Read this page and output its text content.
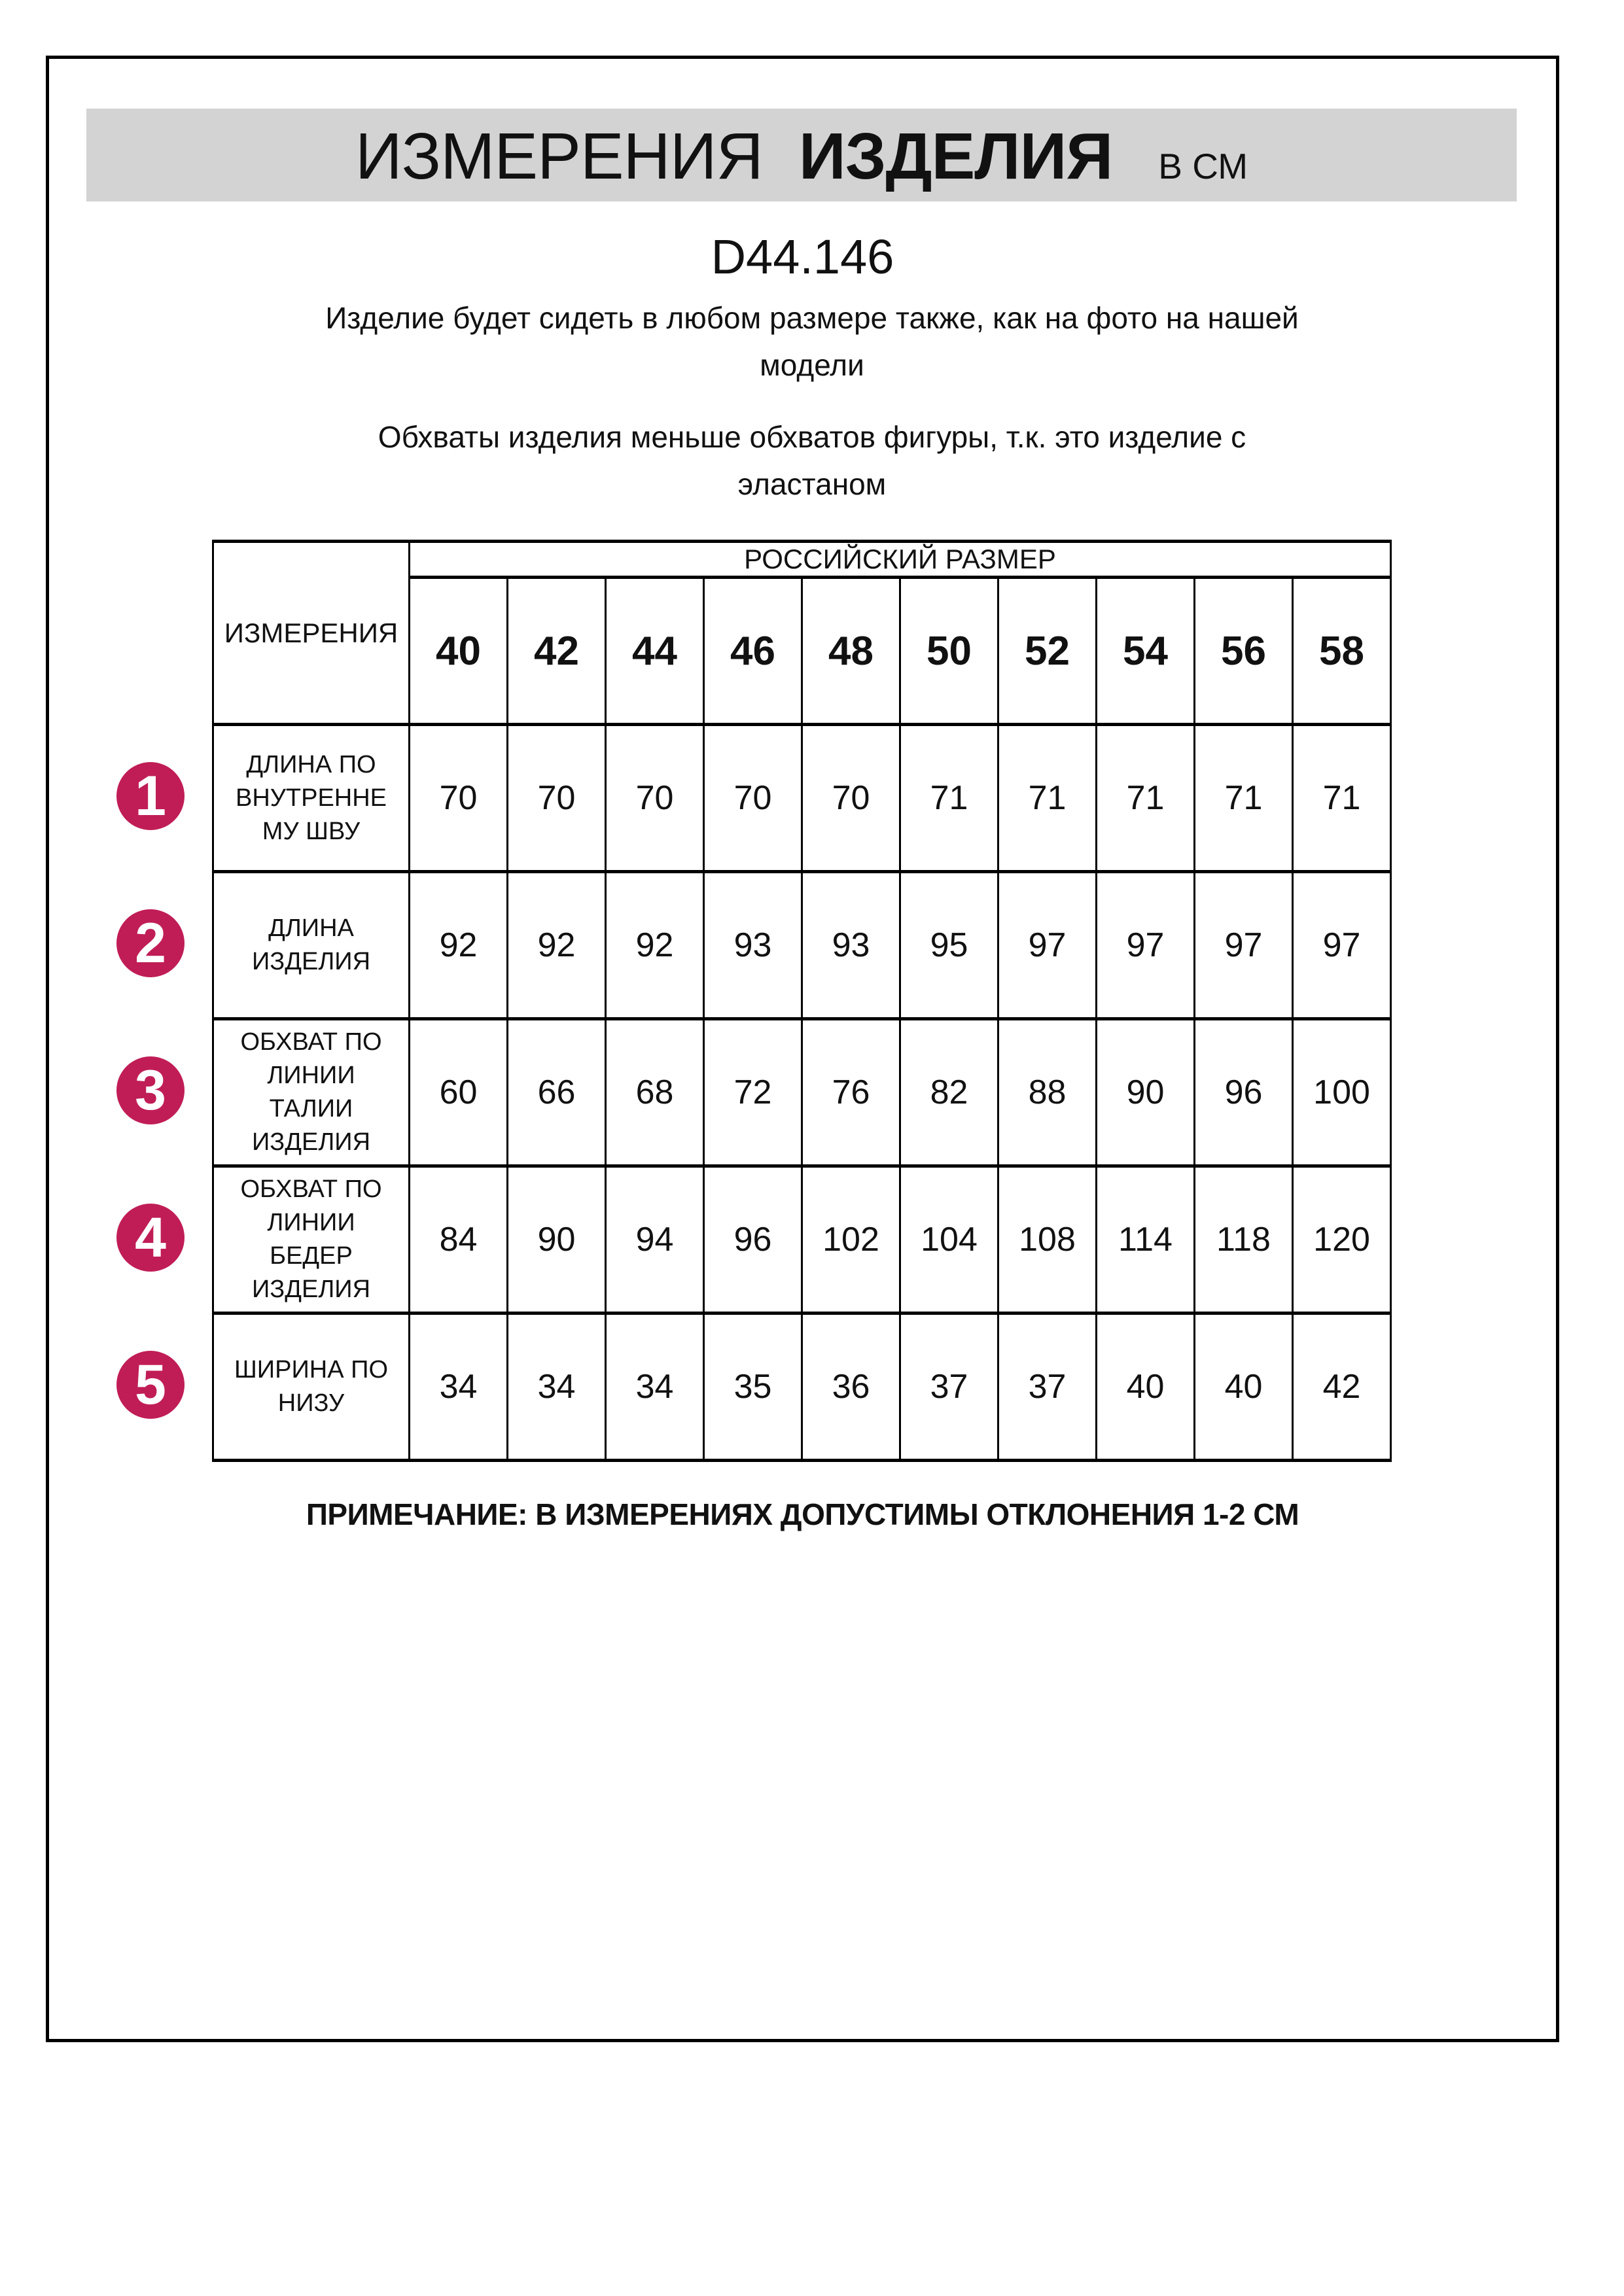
ИЗМЕРЕНИЯ ИЗДЕЛИЯ В СМ
D44.146
Изделие будет сидеть в любом размере также, как на фото на нашей
модели
Обхваты изделия меньше обхватов фигуры, т.к. это изделие с
эластаном
ИЗМЕРЕНИЯ	РОССИЙСКИЙ РАЗМЕР									
	40	42	44	46	48	50	52	54	56	58
ДЛИНА ПО
ВНУТРЕННЕ
МУ ШВУ	70	70	70	70	70	71	71	71	71	71
ДЛИНА
ИЗДЕЛИЯ	92	92	92	93	93	95	97	97	97	97
ОБХВАТ ПО
ЛИНИИ
ТАЛИИ
ИЗДЕЛИЯ	60	66	68	72	76	82	88	90	96	100
ОБХВАТ ПО
ЛИНИИ
БЕДЕР
ИЗДЕЛИЯ	84	90	94	96	102	104	108	114	118	120
ШИРИНА ПО
НИЗУ	34	34	34	35	36	37	37	40	40	42
1
2
3
4
5
ПРИМЕЧАНИЕ: В ИЗМЕРЕНИЯХ ДОПУСТИМЫ ОТКЛОНЕНИЯ 1-2 СМ
